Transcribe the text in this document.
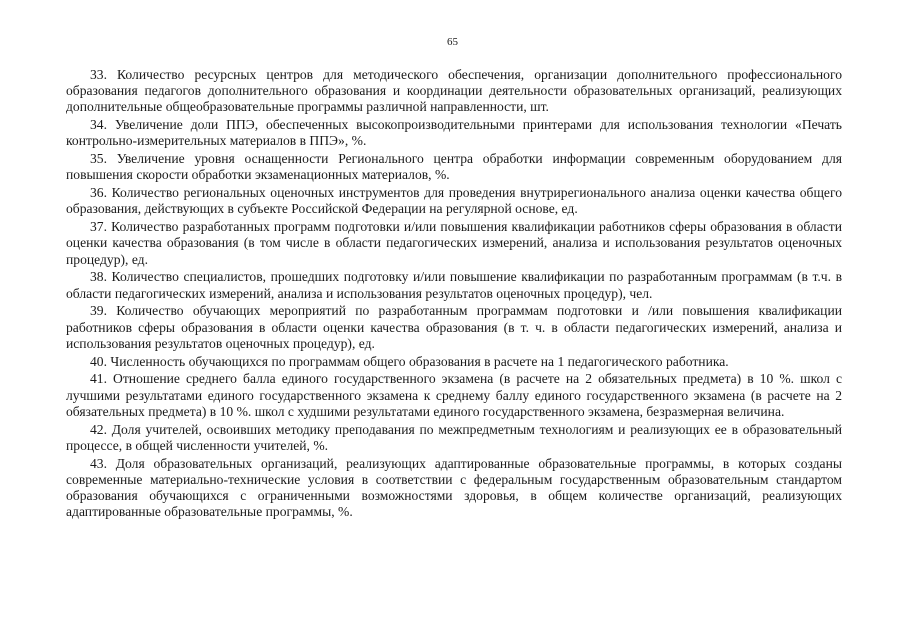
65

33. Количество ресурсных центров для методического обеспечения, организации дополнительного профессионального образования педагогов дополнительного образования и координации деятельности образовательных организаций, реализующих дополнительные общеобразовательные программы различной направленности, шт.

34. Увеличение доли ППЭ, обеспеченных высокопроизводительными принтерами для использования технологии «Печать контрольно-измерительных материалов в ППЭ», %.

35. Увеличение уровня оснащенности Регионального центра обработки информации современным оборудованием для повышения скорости обработки экзаменационных материалов, %.

36. Количество региональных оценочных инструментов для проведения внутрирегионального анализа оценки качества общего образования, действующих в субъекте Российской Федерации на регулярной основе, ед.

37. Количество разработанных программ подготовки и/или повышения квалификации работников сферы образования в области оценки качества образования (в том числе в области педагогических измерений, анализа и использования результатов оценочных процедур), ед.

38. Количество специалистов, прошедших подготовку и/или повышение квалификации по разработанным программам (в т.ч. в области педагогических измерений, анализа и использования результатов оценочных процедур), чел.

39. Количество обучающих мероприятий по разработанным программам подготовки и /или повышения квалификации работников сферы образования в области оценки качества образования (в т. ч. в области педагогических измерений, анализа и использования результатов оценочных процедур), ед.

40. Численность обучающихся по программам общего образования в расчете на 1 педагогического работника.

41. Отношение среднего балла единого государственного экзамена (в расчете на 2 обязательных предмета) в 10 %. школ с лучшими результатами единого государственного экзамена к среднему баллу единого государственного экзамена (в расчете на 2 обязательных предмета) в 10 %. школ с худшими результатами единого государственного экзамена, безразмерная величина.

42. Доля учителей, освоивших методику преподавания по межпредметным технологиям и реализующих ее в образовательный процессе, в общей численности учителей, %.

43. Доля образовательных организаций, реализующих адаптированные образовательные программы, в которых созданы современные материально-технические условия в соответствии с федеральным государственным образовательным стандартом образования обучающихся с ограниченными возможностями здоровья, в общем количестве организаций, реализующих адаптированные образовательные программы, %.
